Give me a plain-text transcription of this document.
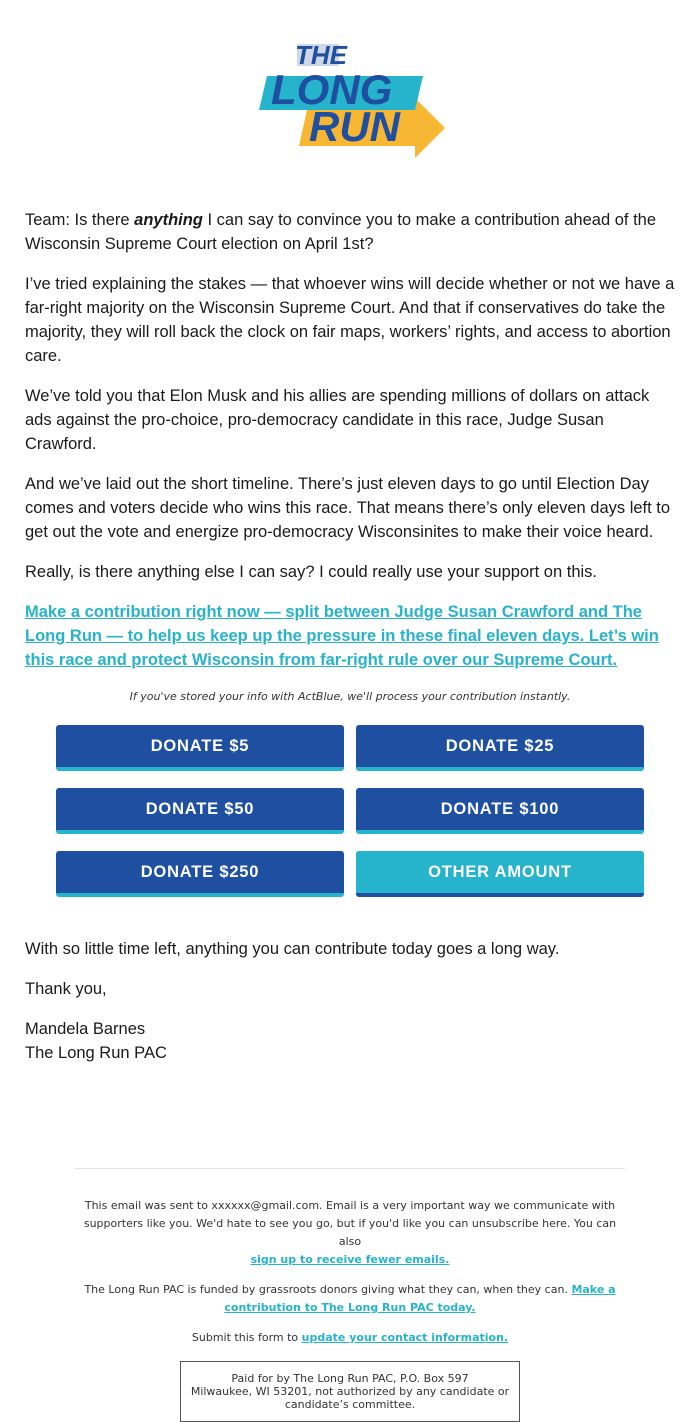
THE
LONG
RUN

Team: Is there anything I can say to convince you to make a contribution ahead of the Wisconsin Supreme Court election on April 1st?

I’ve tried explaining the stakes — that whoever wins will decide whether or not we have a far-right majority on the Wisconsin Supreme Court. And that if conservatives do take the majority, they will roll back the clock on fair maps, workers’ rights, and access to abortion care.

We’ve told you that Elon Musk and his allies are spending millions of dollars on attack ads against the pro-choice, pro-democracy candidate in this race, Judge Susan Crawford.

And we’ve laid out the short timeline. There’s just eleven days to go until Election Day comes and voters decide who wins this race. That means there’s only eleven days left to get out the vote and energize pro-democracy Wisconsinites to make their voice heard.

Really, is there anything else I can say? I could really use your support on this.

Make a contribution right now — split between Judge Susan Crawford and The Long Run — to help us keep up the pressure in these final eleven days. Let’s win this race and protect Wisconsin from far-right rule over our Supreme Court.

If you've stored your info with ActBlue, we'll process your contribution instantly.

DONATE $5	DONATE $25
DONATE $50	DONATE $100
DONATE $250	OTHER AMOUNT

With so little time left, anything you can contribute today goes a long way.

Thank you,

Mandela Barnes
The Long Run PAC

This email was sent to xxxxxx@gmail.com. Email is a very important way we communicate with supporters like you. We'd hate to see you go, but if you'd like you can unsubscribe here. You can also
sign up to receive fewer emails.

The Long Run PAC is funded by grassroots donors giving what they can, when they can. Make a contribution to The Long Run PAC today.

Submit this form to update your contact information.

Paid for by The Long Run PAC, P.O. Box 597
Milwaukee, WI 53201, not authorized by any candidate or candidate’s committee.
